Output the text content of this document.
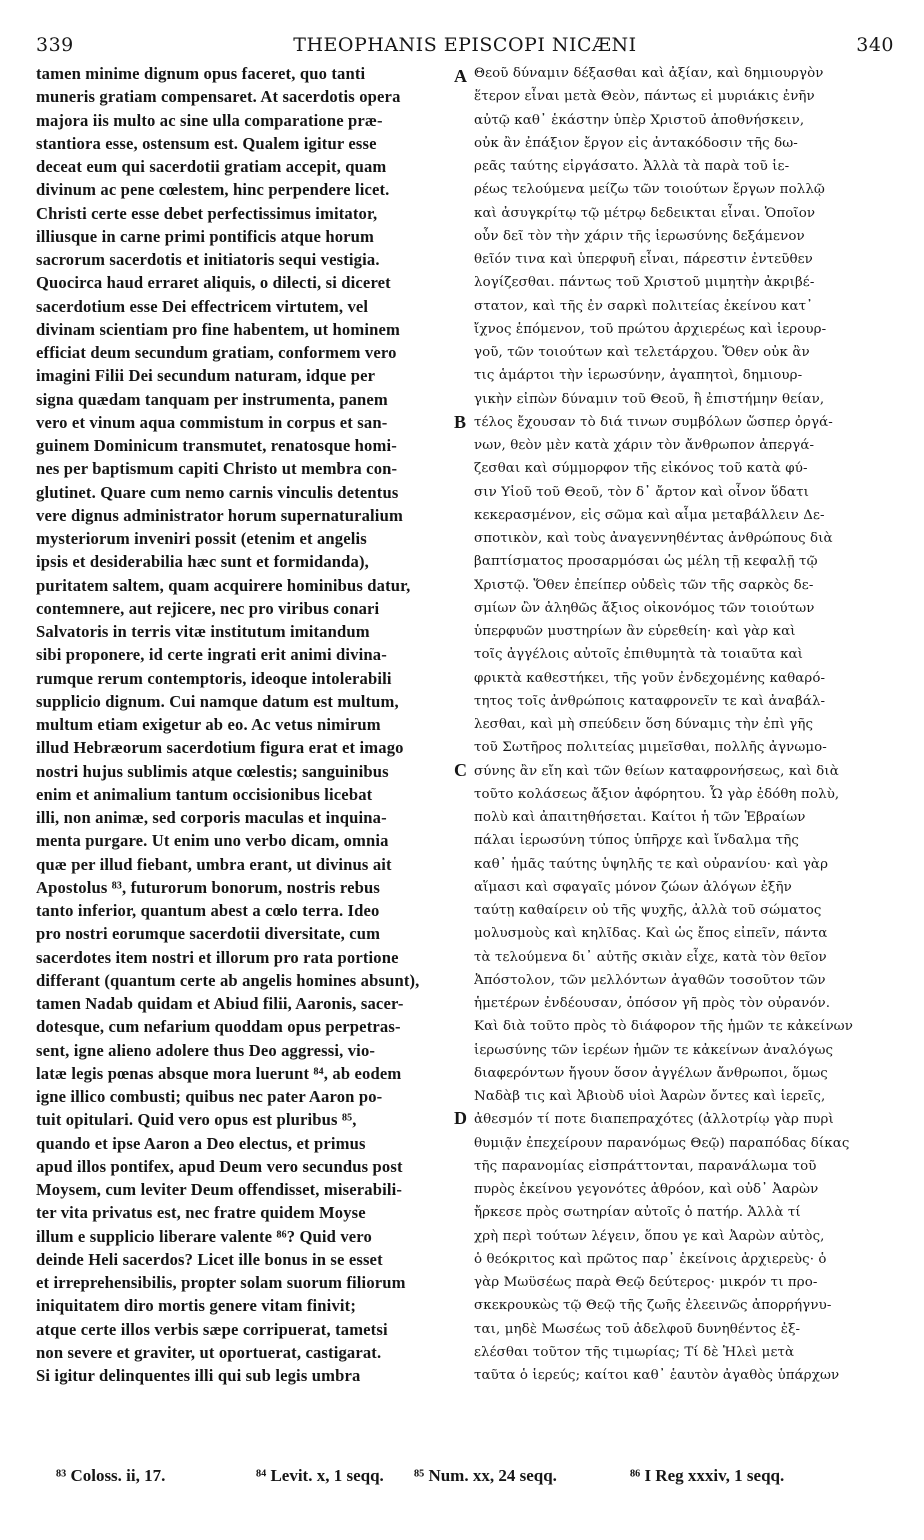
339	THEOPHANIS EPISCOPI NICÆNI	340
tamen minime dignum opus faceret, quo tanti
muneris gratiam compensaret. At sacerdotis opera
majora iis multo ac sine ulla comparatione præ-
stantiora esse, ostensum est. Qualem igitur esse
deceat eum qui sacerdotii gratiam accepit, quam
divinum ac pene cœlestem, hinc perpendere licet.
Christi certe esse debet perfectissimus imitator,
illiusque in carne primi pontificis atque horum
sacrorum sacerdotis et initiatoris sequi vestigia.
Quocirca haud erraret aliquis, o dilecti, si diceret
sacerdotium esse Dei effectricem virtutem, vel
divinam scientiam pro fine habentem, ut hominem
efficiat deum secundum gratiam, conformem vero
imagini Filii Dei secundum naturam, idque per
signa quædam tanquam per instrumenta, panem
vero et vinum aqua commistum in corpus et san-
guinem Dominicum transmutet, renatosque homi-
nes per baptismum capiti Christo ut membra con-
glutinet. Quare cum nemo carnis vinculis detentus
vere dignus administrator horum supernaturalium
mysteriorum inveniri possit (etenim et angelis
ipsis et desiderabilia hæc sunt et formidanda),
puritatem saltem, quam acquirere hominibus datur,
contemnere, aut rejicere, nec pro viribus conari
Salvatoris in terris vitæ institutum imitandum
sibi proponere, id certe ingrati erit animi divina-
rumque rerum contemptoris, ideoque intolerabili
supplicio dignum. Cui namque datum est multum,
multum etiam exigetur ab eo. Ac vetus nimirum
illud Hebræorum sacerdotium figura erat et imago
nostri hujus sublimis atque cœlestis; sanguinibus
enim et animalium tantum occisionibus licebat
illi, non animæ, sed corporis maculas et inquina-
menta purgare. Ut enim uno verbo dicam, omnia
quæ per illud fiebant, umbra erant, ut divinus ait
Apostolus ⁸³, futurorum bonorum, nostris rebus
tanto inferior, quantum abest a cœlo terra. Ideo
pro nostri eorumque sacerdotii diversitate, cum
sacerdotes item nostri et illorum pro rata portione
differant (quantum certe ab angelis homines absunt),
tamen Nadab quidam et Abiud filii, Aaronis, sacer-
dotesque, cum nefarium quoddam opus perpetras-
sent, igne alieno adolere thus Deo aggressi, vio-
latæ legis pœnas absque mora luerunt ⁸⁴, ab eodem
igne illico combusti; quibus nec pater Aaron po-
tuit opitulari. Quid vero opus est pluribus ⁸⁵,
quando et ipse Aaron a Deo electus, et primus
apud illos pontifex, apud Deum vero secundus post
Moysem, cum leviter Deum offendisset, miserabili-
ter vita privatus est, nec fratre quidem Moyse
illum e supplicio liberare valente ⁸⁶? Quid vero
deinde Heli sacerdos? Licet ille bonus in se esset
et irreprehensibilis, propter solam suorum filiorum
iniquitatem diro mortis genere vitam finivit;
atque certe illos verbis sæpe corripuerat, tametsi
non severe et graviter, ut oportuerat, castigarat.
Si igitur delinquentes illi qui sub legis umbra
A
B
C
D
Θεοῦ δύναμιν δέξασθαι καὶ ἀξίαν, καὶ δημιουργὸν
ἕτερον εἶναι μετὰ Θεὸν, πάντως εἰ μυριάκις ἐνῆν
αὐτῷ καθ᾽ ἑκάστην ὑπὲρ Χριστοῦ ἀποθνήσκειν,
οὐκ ἂν ἐπάξιον ἔργον εἰς ἀντακόδοσιν τῆς δω-
ρεᾶς ταύτης εἰργάσατο. Ἀλλὰ τὰ παρὰ τοῦ ἱε-
ρέως τελούμενα μείζω τῶν τοιούτων ἔργων πολλῷ
καὶ ἀσυγκρίτῳ τῷ μέτρῳ δεδεικται εἶναι. Ὁποῖον
οὖν δεῖ τὸν τὴν χάριν τῆς ἱερωσύνης δεξάμενον
θεῖόν τινα καὶ ὑπερφυῆ εἶναι, πάρεστιν ἐντεῦθεν
λογίζεσθαι. πάντως τοῦ Χριστοῦ μιμητὴν ἀκριβέ-
στατον, καὶ τῆς ἐν σαρκὶ πολιτείας ἐκείνου κατ᾽
ἴχνος ἑπόμενον, τοῦ πρώτου ἀρχιερέως καὶ ἱερουρ-
γοῦ, τῶν τοιούτων καὶ τελετάρχου. Ὅθεν οὐκ ἂν
τις ἁμάρτοι τὴν ἱερωσύνην, ἀγαπητοὶ, δημιουρ-
γικὴν εἰπὼν δύναμιν τοῦ Θεοῦ, ἢ ἐπιστήμην θείαν,
τέλος ἔχουσαν τὸ διά τινων συμβόλων ὥσπερ ὀργά-
νων, θεὸν μὲν κατὰ χάριν τὸν ἄνθρωπον ἀπεργά-
ζεσθαι καὶ σύμμορφον τῆς εἰκόνος τοῦ κατὰ φύ-
σιν Υἱοῦ τοῦ Θεοῦ, τὸν δ᾽ ἄρτον καὶ οἶνον ὕδατι
κεκερασμένον, εἰς σῶμα καὶ αἷμα μεταβάλλειν Δε-
σποτικὸν, καὶ τοὺς ἀναγεννηθέντας ἀνθρώπους διὰ
βαπτίσματος προσαρμόσαι ὡς μέλη τῇ κεφαλῇ τῷ
Χριστῷ. Ὅθεν ἐπείπερ οὐδεὶς τῶν τῆς σαρκὸς δε-
σμίων ὢν ἀληθῶς ἄξιος οἰκονόμος τῶν τοιούτων
ὑπερφυῶν μυστηρίων ἂν εὑρεθείη· καὶ γὰρ καὶ
τοῖς ἀγγέλοις αὐτοῖς ἐπιθυμητὰ τὰ τοιαῦτα καὶ
φρικτὰ καθεστήκει, τῆς γοῦν ἐνδεχομένης καθαρό-
τητος τοῖς ἀνθρώποις καταφρονεῖν τε καὶ ἀναβάλ-
λεσθαι, καὶ μὴ σπεύδειν ὅση δύναμις τὴν ἐπὶ γῆς
τοῦ Σωτῆρος πολιτείας μιμεῖσθαι, πολλῆς ἀγνωμο-
σύνης ἂν εἴη καὶ τῶν θείων καταφρονήσεως, καὶ διὰ
τοῦτο κολάσεως ἄξιον ἀφόρητου. Ὧ γὰρ ἐδόθη πολὺ,
πολὺ καὶ ἀπαιτηθήσεται. Καίτοι ἡ τῶν Ἑβραίων
πάλαι ἱερωσύνη τύπος ὑπῆρχε καὶ ἴνδαλμα τῆς
καθ᾽ ἡμᾶς ταύτης ὑψηλῆς τε καὶ οὐρανίου· καὶ γὰρ
αἵμασι καὶ σφαγαῖς μόνον ζώων ἀλόγων ἐξῆν
ταύτῃ καθαίρειν οὐ τῆς ψυχῆς, ἀλλὰ τοῦ σώματος
μολυσμοὺς καὶ κηλῖδας. Καὶ ὡς ἔπος εἰπεῖν, πάντα
τὰ τελούμενα δι᾽ αὐτῆς σκιὰν εἶχε, κατὰ τὸν θεῖον
Ἀπόστολον, τῶν μελλόντων ἀγαθῶν τοσοῦτον τῶν
ἡμετέρων ἐνδέουσαν, ὁπόσον γῆ πρὸς τὸν οὐρανόν.
Καὶ διὰ τοῦτο πρὸς τὸ διάφορον τῆς ἡμῶν τε κἀκείνων
ἱερωσύνης τῶν ἱερέων ἡμῶν τε κἀκείνων ἀναλόγως
διαφερόντων ἤγουν ὅσον ἀγγέλων ἄνθρωποι, ὅμως
Ναδὰβ τις καὶ Ἀβιοὺδ υἱοὶ Ἀαρὼν ὄντες καὶ ἱερεῖς,
ἀθεσμόν τί ποτε διαπεπραχότες (ἀλλοτρίῳ γὰρ πυρὶ
θυμιᾷν ἐπεχείρουν παρανόμως Θεῷ) παραπόδας δίκας
τῆς παρανομίας εἰσπράττονται, παρανάλωμα τοῦ
πυρὸς ἐκείνου γεγονότες ἀθρόον, καὶ οὐδ᾽ Ἀαρὼν
ἤρκεσε πρὸς σωτηρίαν αὐτοῖς ὁ πατήρ. Ἀλλὰ τί
χρὴ περὶ τούτων λέγειν, ὅπου γε καὶ Ἀαρὼν αὐτὸς,
ὁ θεόκριτος καὶ πρῶτος παρ᾽ ἐκείνοις ἀρχιερεὺς· ὁ
γὰρ Μωϋσέως παρὰ Θεῷ δεύτερος· μικρόν τι προ-
σκεκρουκὼς τῷ Θεῷ τῆς ζωῆς ἐλεεινῶς ἀπορρήγνυ-
ται, μηδὲ Μωσέως τοῦ ἀδελφοῦ δυνηθέντος ἐξ-
ελέσθαι τοῦτον τῆς τιμωρίας; Τί δὲ Ἡλεὶ μετὰ
ταῦτα ὁ ἱερεύς; καίτοι καθ᾽ ἑαυτὸν ἀγαθὸς ὑπάρχων
⁸³ Coloss. ii, 17.	⁸⁴ Levit. x, 1 seqq. ⁸⁵ Num. xx, 24 seqq.	⁸⁶ I Reg xxxiv, 1 seqq.
